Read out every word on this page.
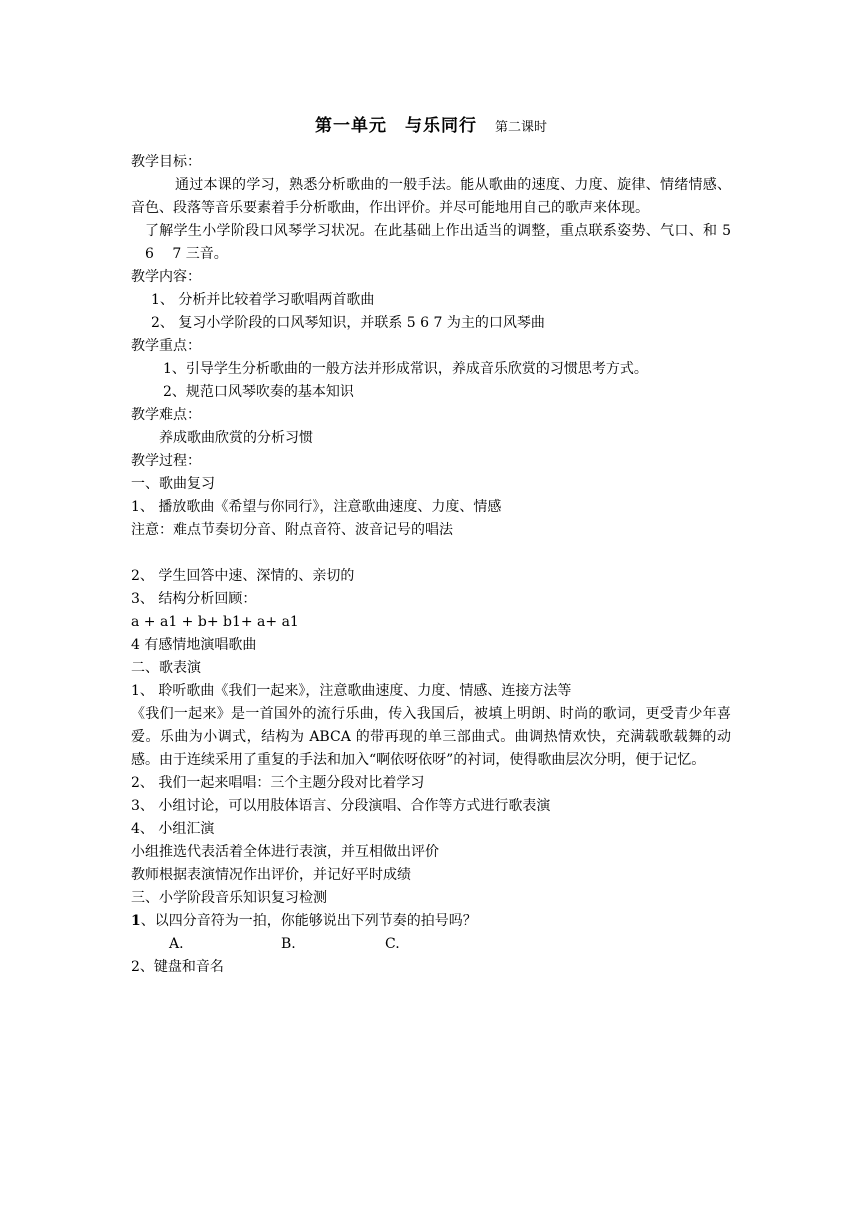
第一单元　与乐同行 第二课时
教学目标：
通过本课的学习，熟悉分析歌曲的一般手法。能从歌曲的速度、力度、旋律、情绪情感、音色、段落等音乐要素着手分析歌曲，作出评价。并尽可能地用自己的歌声来体现。
了解学生小学阶段口风琴学习状况。在此基础上作出适当的调整，重点联系姿势、气口、和 5 　6 　7 三音。
教学内容：
1、 分析并比较着学习歌唱两首歌曲
2、 复习小学阶段的口风琴知识，并联系 5 6 7 为主的口风琴曲
教学重点：
1、引导学生分析歌曲的一般方法并形成常识，养成音乐欣赏的习惯思考方式。
2、规范口风琴吹奏的基本知识
教学难点：
养成歌曲欣赏的分析习惯
教学过程：
一、歌曲复习
1、 播放歌曲《希望与你同行》，注意歌曲速度、力度、情感
注意：难点节奏切分音、附点音符、波音记号的唱法
2、 学生回答中速、深情的、亲切的
3、 结构分析回顾：
a + a1 + b+ b1+ a+ a1
4 有感情地演唱歌曲
二、歌表演
1、 聆听歌曲《我们一起来》，注意歌曲速度、力度、情感、连接方法等
《我们一起来》是一首国外的流行乐曲，传入我国后，被填上明朗、时尚的歌词，更受青少年喜爱。乐曲为小调式，结构为 ABCA 的带再现的单三部曲式。曲调热情欢快，充满载歌载舞的动感。由于连续采用了重复的手法和加入“啊依呀依呀”的衬词，使得歌曲层次分明，便于记忆。
2、 我们一起来唱唱：三个主题分段对比着学习
3、 小组讨论，可以用肢体语言、分段演唱、合作等方式进行歌表演
4、 小组汇演
小组推选代表活着全体进行表演，并互相做出评价
教师根据表演情况作出评价，并记好平时成绩
三、小学阶段音乐知识复习检测
1、以四分音符为一拍，你能够说出下列节奏的拍号吗？
A.	B.	C.
2、键盘和音名
